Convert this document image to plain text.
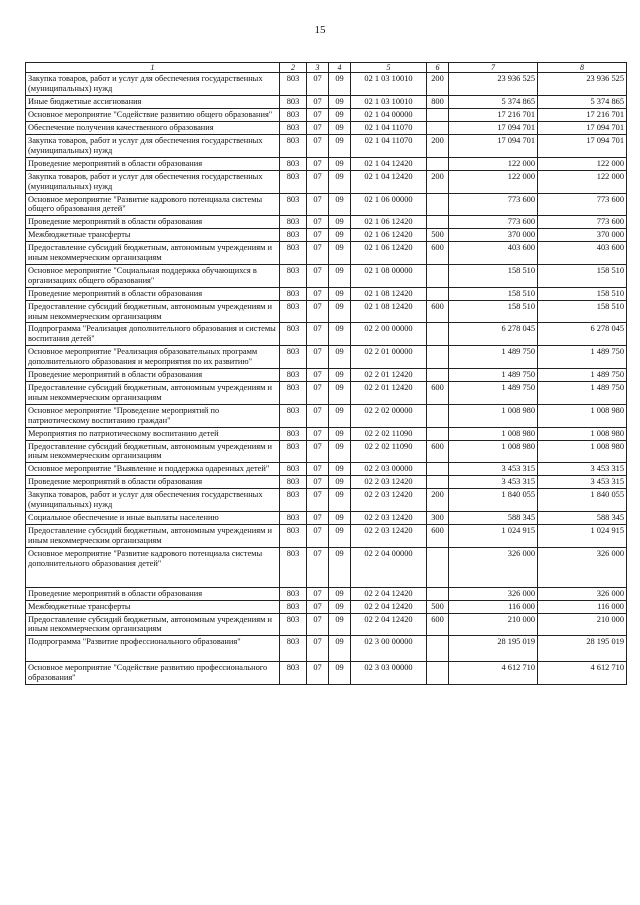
15
1	2	3	4	5	6	7	8
Закупка товаров, работ и услуг для обеспечения государственных (муниципальных) нужд	803	07	09	02 1 03 10010	200	23 936 525	23 936 525
Иные бюджетные ассигнования	803	07	09	02 1 03 10010	800	5 374 865	5 374 865
Основное мероприятие "Содействие развитию общего образования"	803	07	09	02 1 04 00000		17 216 701	17 216 701
Обеспечение получения качественного образования	803	07	09	02 1 04 11070		17 094 701	17 094 701
Закупка товаров, работ и услуг для обеспечения государственных (муниципальных) нужд	803	07	09	02 1 04 11070	200	17 094 701	17 094 701
Проведение мероприятий в области образования	803	07	09	02 1 04 12420		122 000	122 000
Закупка товаров, работ и услуг для обеспечения государственных (муниципальных) нужд	803	07	09	02 1 04 12420	200	122 000	122 000
Основное мероприятие "Развитие кадрового потенциала системы общего образования детей"	803	07	09	02 1 06 00000		773 600	773 600
Проведение мероприятий в области образования	803	07	09	02 1 06 12420		773 600	773 600
Межбюджетные трансферты	803	07	09	02 1 06 12420	500	370 000	370 000
Предоставление субсидий бюджетным, автономным учреждениям и иным некоммерческим организациям	803	07	09	02 1 06 12420	600	403 600	403 600
Основное мероприятие "Социальная поддержка обучающихся в организациях общего образования"	803	07	09	02 1 08 00000		158 510	158 510
Проведение мероприятий в области образования	803	07	09	02 1 08 12420		158 510	158 510
Предоставление субсидий бюджетным, автономным учреждениям и иным некоммерческим организациям	803	07	09	02 1 08 12420	600	158 510	158 510
Подпрограмма "Реализация дополнительного образования и системы воспитания детей"	803	07	09	02 2 00 00000		6 278 045	6 278 045
Основное мероприятие "Реализация образовательных программ дополнительного образования и мероприятия по их развитию"	803	07	09	02 2 01 00000		1 489 750	1 489 750
Проведение мероприятий в области образования	803	07	09	02 2 01 12420		1 489 750	1 489 750
Предоставление субсидий бюджетным, автономным учреждениям и иным некоммерческим организациям	803	07	09	02 2 01 12420	600	1 489 750	1 489 750
Основное мероприятие "Проведение мероприятий по патриотическому воспитанию граждан"	803	07	09	02 2 02 00000		1 008 980	1 008 980
Мероприятия по патриотическому воспитанию детей	803	07	09	02 2 02 11090		1 008 980	1 008 980
Предоставление субсидий бюджетным, автономным учреждениям и иным некоммерческим организациям	803	07	09	02 2 02 11090	600	1 008 980	1 008 980
Основное мероприятие "Выявление и поддержка одаренных детей"	803	07	09	02 2 03 00000		3 453 315	3 453 315
Проведение мероприятий в области образования	803	07	09	02 2 03 12420		3 453 315	3 453 315
Закупка товаров, работ и услуг для обеспечения государственных (муниципальных) нужд	803	07	09	02 2 03 12420	200	1 840 055	1 840 055
Социальное обеспечение и иные выплаты населению	803	07	09	02 2 03 12420	300	588 345	588 345
Предоставление субсидий бюджетным, автономным учреждениям и иным некоммерческим организациям	803	07	09	02 2 03 12420	600	1 024 915	1 024 915
Основное мероприятие "Развитие кадрового потенциала системы дополнительного образования детей"	803	07	09	02 2 04 00000		326 000	326 000
Проведение мероприятий в области образования	803	07	09	02 2 04 12420		326 000	326 000
Межбюджетные трансферты	803	07	09	02 2 04 12420	500	116 000	116 000
Предоставление субсидий бюджетным, автономным учреждениям и иным некоммерческим организациям	803	07	09	02 2 04 12420	600	210 000	210 000
Подпрограмма "Развитие профессионального образования"	803	07	09	02 3 00 00000		28 195 019	28 195 019
Основное мероприятие "Содействие развитию профессионального образования"	803	07	09	02 3 03 00000		4 612 710	4 612 710
